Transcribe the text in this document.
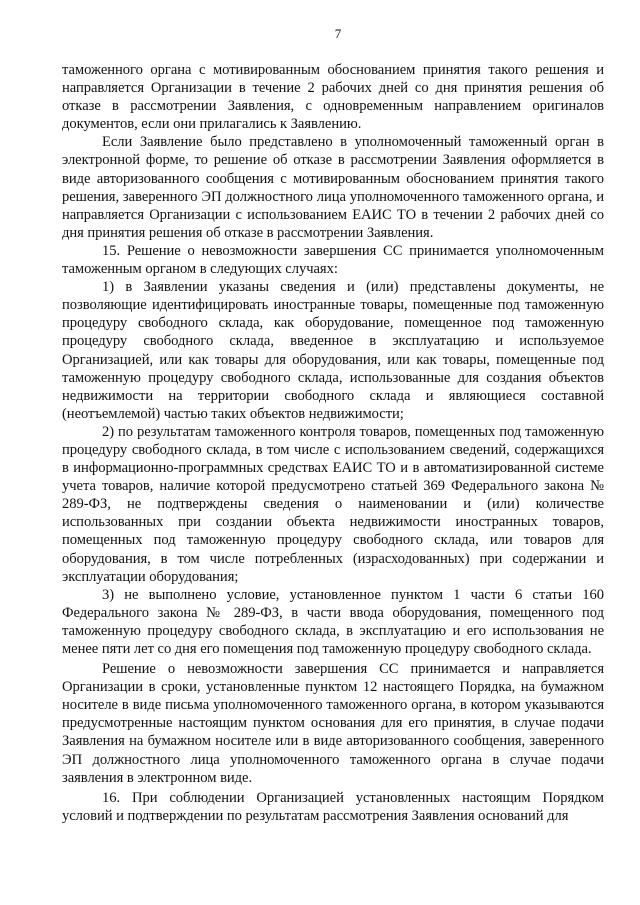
7

таможенного органа с мотивированным обоснованием принятия такого решения и направляется Организации в течение 2 рабочих дней со дня принятия решения об отказе в рассмотрении Заявления, с одновременным направлением оригиналов документов, если они прилагались к Заявлению.

Если Заявление было представлено в уполномоченный таможенный орган в электронной форме, то решение об отказе в рассмотрении Заявления оформляется в виде авторизованного сообщения с мотивированным обоснованием принятия такого решения, заверенного ЭП должностного лица уполномоченного таможенного органа, и направляется Организации с использованием ЕАИС ТО в течении 2 рабочих дней со дня принятия решения об отказе в рассмотрении Заявления.

15. Решение о невозможности завершения СС принимается уполномоченным таможенным органом в следующих случаях:

1) в Заявлении указаны сведения и (или) представлены документы, не позволяющие идентифицировать иностранные товары, помещенные под таможенную процедуру свободного склада, как оборудование, помещенное под таможенную процедуру свободного склада, введенное в эксплуатацию и используемое Организацией, или как товары для оборудования, или как товары, помещенные под таможенную процедуру свободного склада, использованные для создания объектов недвижимости на территории свободного склада и являющиеся составной (неотъемлемой) частью таких объектов недвижимости;

2) по результатам таможенного контроля товаров, помещенных под таможенную процедуру свободного склада, в том числе с использованием сведений, содержащихся в информационно-программных средствах ЕАИС ТО и в автоматизированной системе учета товаров, наличие которой предусмотрено статьей 369 Федерального закона № 289-ФЗ, не подтверждены сведения о наименовании и (или) количестве использованных при создании объекта недвижимости иностранных товаров, помещенных под таможенную процедуру свободного склада, или товаров для оборудования, в том числе потребленных (израсходованных) при содержании и эксплуатации оборудования;

3) не выполнено условие, установленное пунктом 1 части 6 статьи 160 Федерального закона № 289-ФЗ, в части ввода оборудования, помещенного под таможенную процедуру свободного склада, в эксплуатацию и его использования не менее пяти лет со дня его помещения под таможенную процедуру свободного склада.

Решение о невозможности завершения СС принимается и направляется Организации в сроки, установленные пунктом 12 настоящего Порядка, на бумажном носителе в виде письма уполномоченного таможенного органа, в котором указываются предусмотренные настоящим пунктом основания для его принятия, в случае подачи Заявления на бумажном носителе или в виде авторизованного сообщения, заверенного ЭП должностного лица уполномоченного таможенного органа в случае подачи заявления в электронном виде.

16. При соблюдении Организацией установленных настоящим Порядком условий и подтверждении по результатам рассмотрения Заявления оснований для
